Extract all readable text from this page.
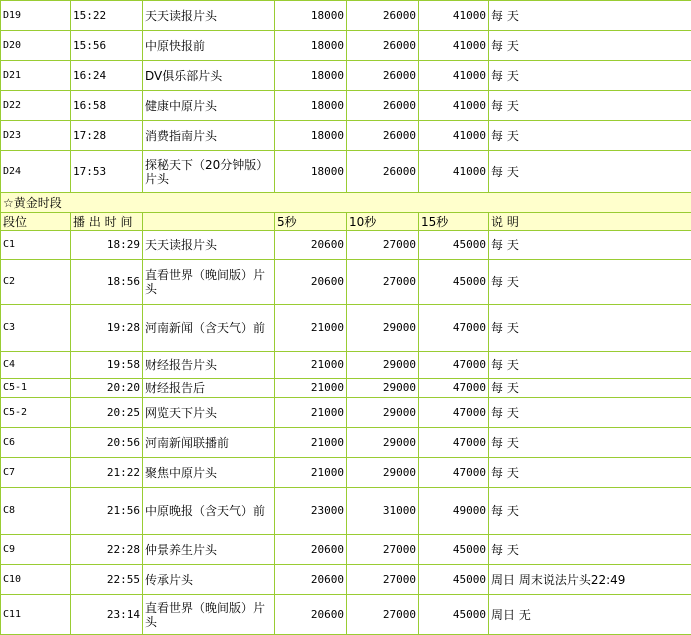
D19	15:22	天天读报片头	18000	26000	41000	每 天
D20	15:56	中原快报前	18000	26000	41000	每 天
D21	16:24	DV俱乐部片头	18000	26000	41000	每 天
D22	16:58	健康中原片头	18000	26000	41000	每 天
D23	17:28	消费指南片头	18000	26000	41000	每 天
D24	17:53	探秘天下（20分钟版）片头	18000	26000	41000	每 天
☆黄金时段						
段位	播 出 时 间		5秒	10秒	15秒	说 明
C1	18:29	天天读报片头	20600	27000	45000	每 天
C2	18:56	直看世界（晚间版）片头	20600	27000	45000	每 天
C3	19:28	河南新闻（含天气）前	21000	29000	47000	每 天
C4	19:58	财经报告片头	21000	29000	47000	每 天
C5-1	20:20	财经报告后	21000	29000	47000	每 天
C5-2	20:25	网览天下片头	21000	29000	47000	每 天
C6	20:56	河南新闻联播前	21000	29000	47000	每 天
C7	21:22	聚焦中原片头	21000	29000	47000	每 天
C8	21:56	中原晚报（含天气）前	23000	31000	49000	每 天
C9	22:28	仲景养生片头	20600	27000	45000	每 天
C10	22:55	传承片头	20600	27000	45000	周日 周末说法片头22:49
C11	23:14	直看世界（晚间版）片头	20600	27000	45000	周日 无
